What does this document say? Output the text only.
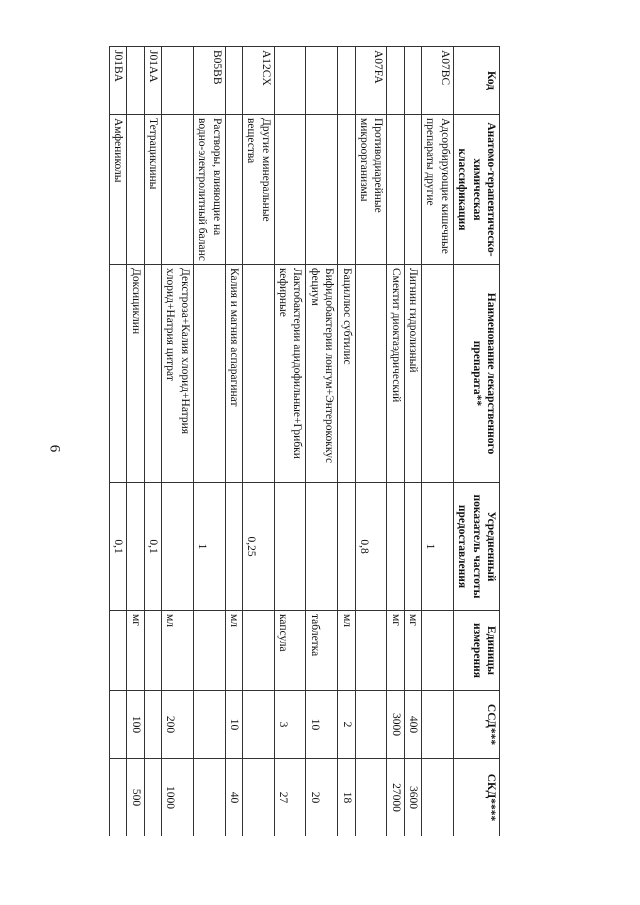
6
Код	Анатомо-терапевтическо-химическая классификация	Наименование лекарственного препарата**	Усредненный показатель частоты предоставления	Единицы измерения	ССД***	СКД****
A07BC	Адсорбирующие кишечные препараты другие		1			
		Лигнин гидролизный		мг	400	3600
		Смектит диоктаэдрический		мг	3000	27000
A07FA	Противодиарейные микроорганизмы		0,8			
		Бациллюс субтилис		мл	2	18
		Бифидобактерии лонгум+Энтерококкус фециум		таблетка	10	20
		Лактобактерии ацидофильные+Грибки кефирные		капсула	3	27
A12CX	Другие минеральные вещества		0,25			
		Калия и магния аспарагинат		мл	10	40
B05BB	Растворы, влияющие на водно-электролитный баланс		1			
		Декстроза+Калия хлорид+Натрия хлорид+Натрия цитрат		мл	200	1000
J01AA	Тетрациклины		0,1			
		Доксициклин		мг	100	500
J01BA	Амфениколы		0,1			
